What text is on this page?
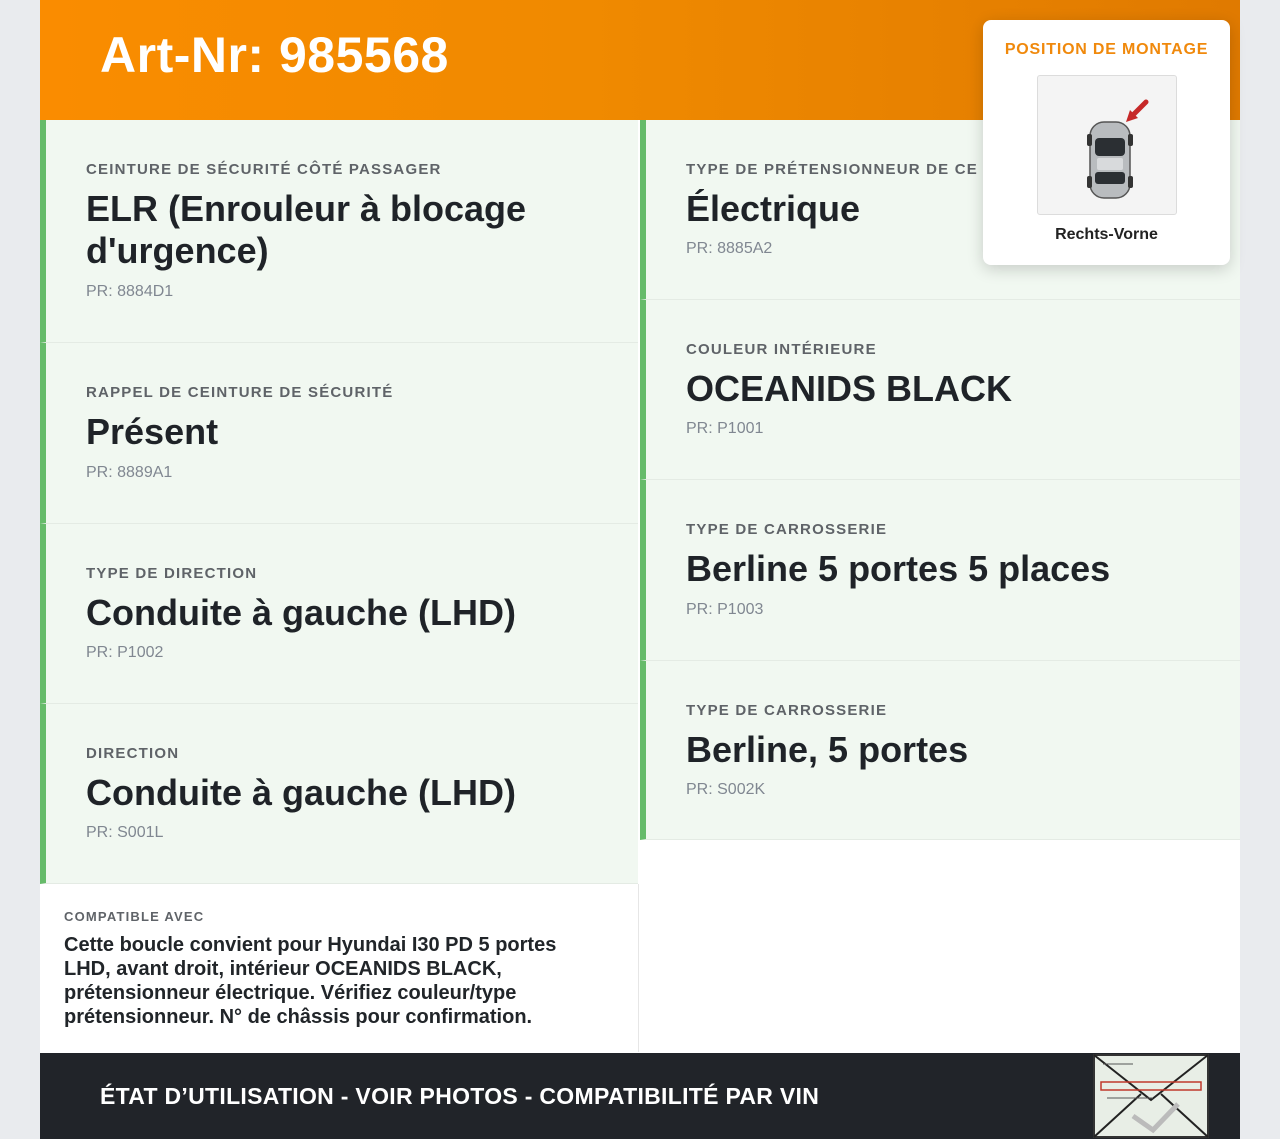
Art-Nr: 985568
CEINTURE DE SÉCURITÉ CÔTÉ PASSAGER
ELR (Enrouleur à blocage d'urgence)
PR: 8884D1
RAPPEL DE CEINTURE DE SÉCURITÉ
Présent
PR: 8889A1
TYPE DE DIRECTION
Conduite à gauche (LHD)
PR: P1002
DIRECTION
Conduite à gauche (LHD)
PR: S001L
TYPE DE PRÉTENSIONNEUR DE CE
Électrique
PR: 8885A2
COULEUR INTÉRIEURE
OCEANIDS BLACK
PR: P1001
TYPE DE CARROSSERIE
Berline 5 portes 5 places
PR: P1003
TYPE DE CARROSSERIE
Berline, 5 portes
PR: S002K
COMPATIBLE AVEC
Cette boucle convient pour Hyundai I30 PD 5 portes LHD, avant droit, intérieur OCEANIDS BLACK, prétensionneur électrique. Vérifiez couleur/type prétensionneur. N° de châssis pour confirmation.
ÉTAT D’UTILISATION - VOIR PHOTOS - COMPATIBILITÉ PAR VIN
POSITION DE MONTAGE
Rechts-Vorne
